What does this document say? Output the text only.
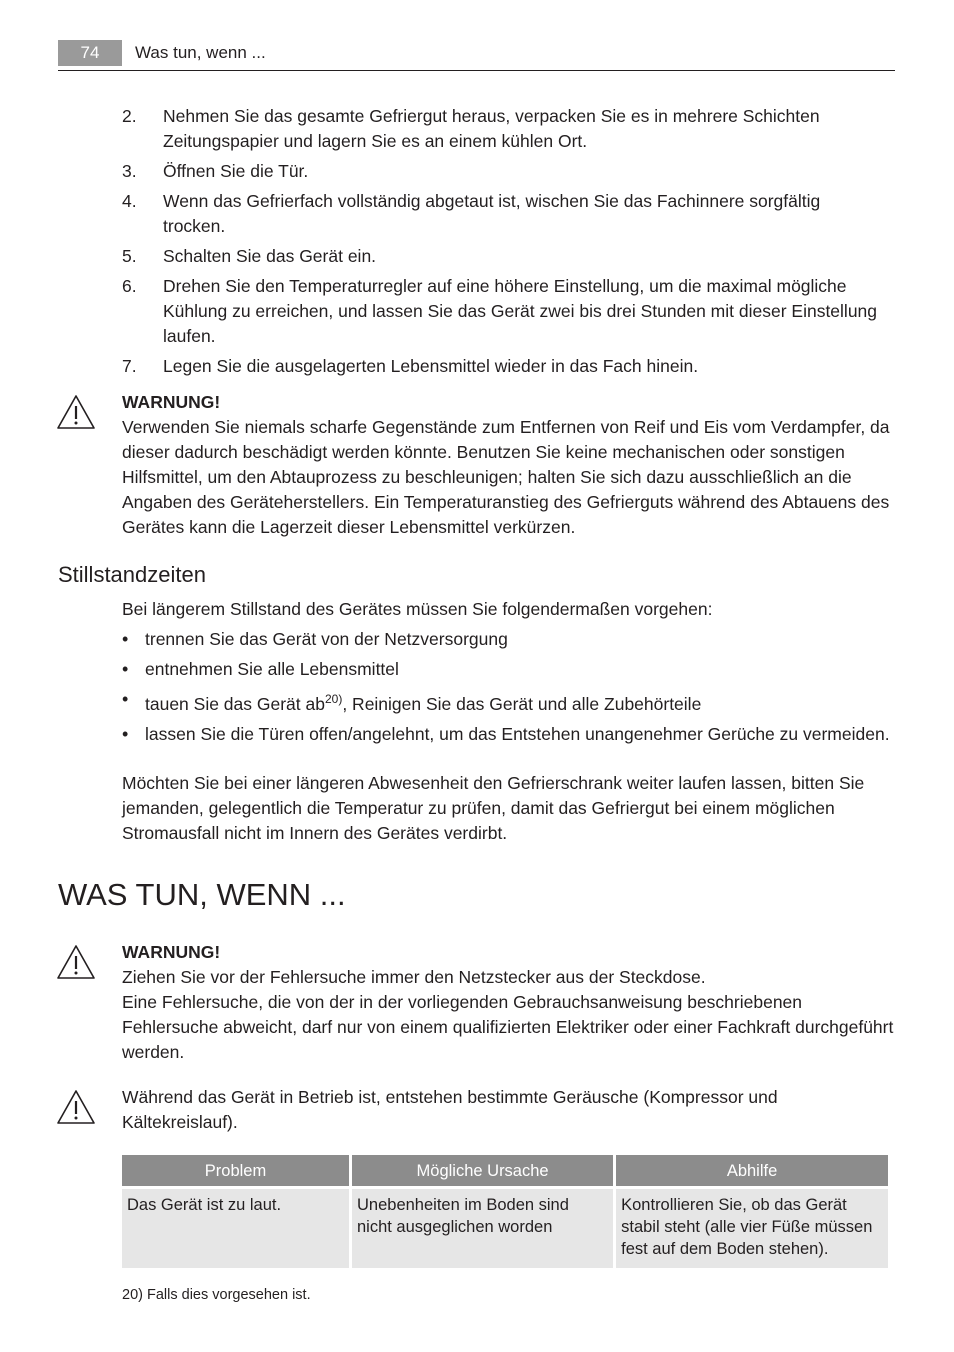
74	Was tun, wenn ...
2.	Nehmen Sie das gesamte Gefriergut heraus, verpacken Sie es in mehrere Schichten Zeitungspapier und lagern Sie es an einem kühlen Ort.
3.	Öffnen Sie die Tür.
4.	Wenn das Gefrierfach vollständig abgetaut ist, wischen Sie das Fachinnere sorgfältig trocken.
5.	Schalten Sie das Gerät ein.
6.	Drehen Sie den Temperaturregler auf eine höhere Einstellung, um die maximal mögliche Kühlung zu erreichen, und lassen Sie das Gerät zwei bis drei Stunden mit dieser Einstellung laufen.
7.	Legen Sie die ausgelagerten Lebensmittel wieder in das Fach hinein.
WARNUNG!
Verwenden Sie niemals scharfe Gegenstände zum Entfernen von Reif und Eis vom Verdampfer, da dieser dadurch beschädigt werden könnte. Benutzen Sie keine mechanischen oder sonstigen Hilfsmittel, um den Abtauprozess zu beschleunigen; halten Sie sich dazu ausschließlich an die Angaben des Geräteherstellers. Ein Temperaturanstieg des Gefrierguts während des Abtauens des Gerätes kann die Lagerzeit dieser Lebensmittel verkürzen.
Stillstandzeiten
Bei längerem Stillstand des Gerätes müssen Sie folgendermaßen vorgehen:
• trennen Sie das Gerät von der Netzversorgung
• entnehmen Sie alle Lebensmittel
• tauen Sie das Gerät $ab^{20)}$, Reinigen Sie das Gerät und alle Zubehörteile
• lassen Sie die Türen offen/angelehnt, um das Entstehen unangenehmer Gerüche zu vermeiden.
Möchten Sie bei einer längeren Abwesenheit den Gefrierschrank weiter laufen lassen, bitten Sie jemanden, gelegentlich die Temperatur zu prüfen, damit das Gefriergut bei einem möglichen Stromausfall nicht im Innern des Gerätes verdirbt.
WAS TUN, WENN ...
WARNUNG!
Ziehen Sie vor der Fehlersuche immer den Netzstecker aus der Steckdose.
Eine Fehlersuche, die von der in der vorliegenden Gebrauchsanweisung beschriebenen Fehlersuche abweicht, darf nur von einem qualifizierten Elektriker oder einer Fachkraft durchgeführt werden.
Während das Gerät in Betrieb ist, entstehen bestimmte Geräusche (Kompressor und Kältekreislauf).
Problem	Mögliche Ursache	Abhilfe
Das Gerät ist zu laut.	Unebenheiten im Boden sind nicht ausgeglichen worden	Kontrollieren Sie, ob das Gerät stabil steht (alle vier Füße müssen fest auf dem Boden stehen).
20) Falls dies vorgesehen ist.
